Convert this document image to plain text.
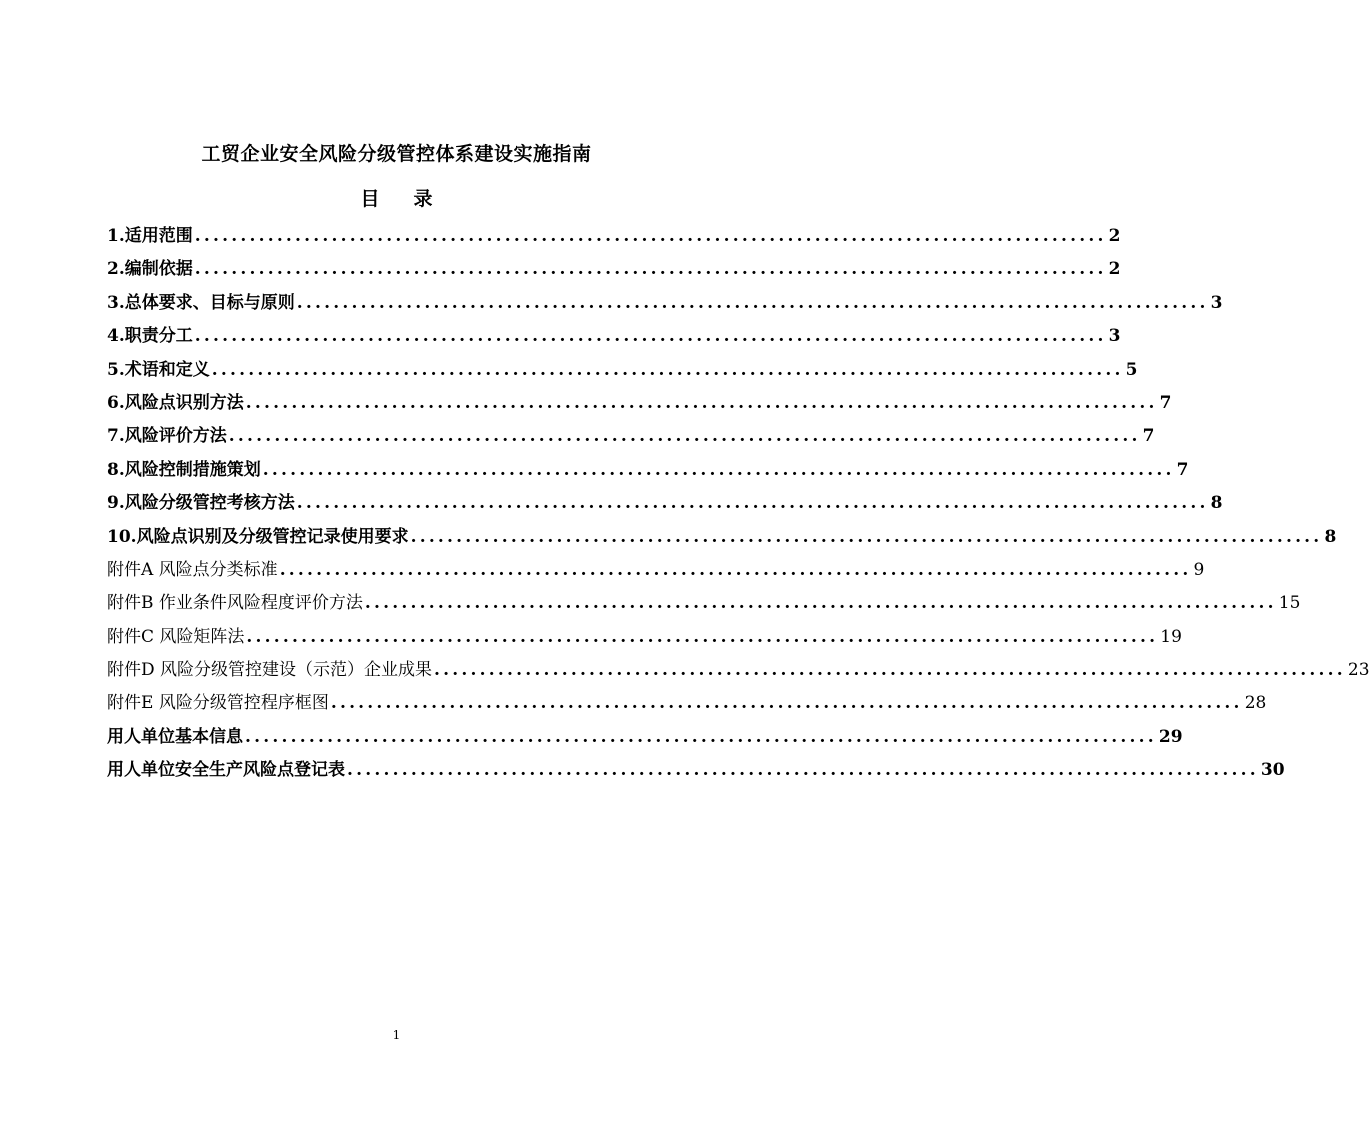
工贸企业安全风险分级管控体系建设实施指南
目 录
1.适用范围 .................................................................................................... 2
2.编制依据 .................................................................................................... 2
3.总体要求、目标与原则 .................................................................................................... 3
4.职责分工 .................................................................................................... 3
5.术语和定义 .................................................................................................... 5
6.风险点识别方法 .................................................................................................... 7
7.风险评价方法 .................................................................................................... 7
8.风险控制措施策划 .................................................................................................... 7
9.风险分级管控考核方法 .................................................................................................... 8
10.风险点识别及分级管控记录使用要求 .................................................................................................... 8
附件A 风险点分类标准 .................................................................................................... 9
附件B 作业条件风险程度评价方法 .................................................................................................... 15
附件C 风险矩阵法 .................................................................................................... 19
附件D 风险分级管控建设（示范）企业成果 .................................................................................................... 23
附件E 风险分级管控程序框图 .................................................................................................... 28
用人单位基本信息 .................................................................................................... 29
用人单位安全生产风险点登记表 .................................................................................................... 30
1
